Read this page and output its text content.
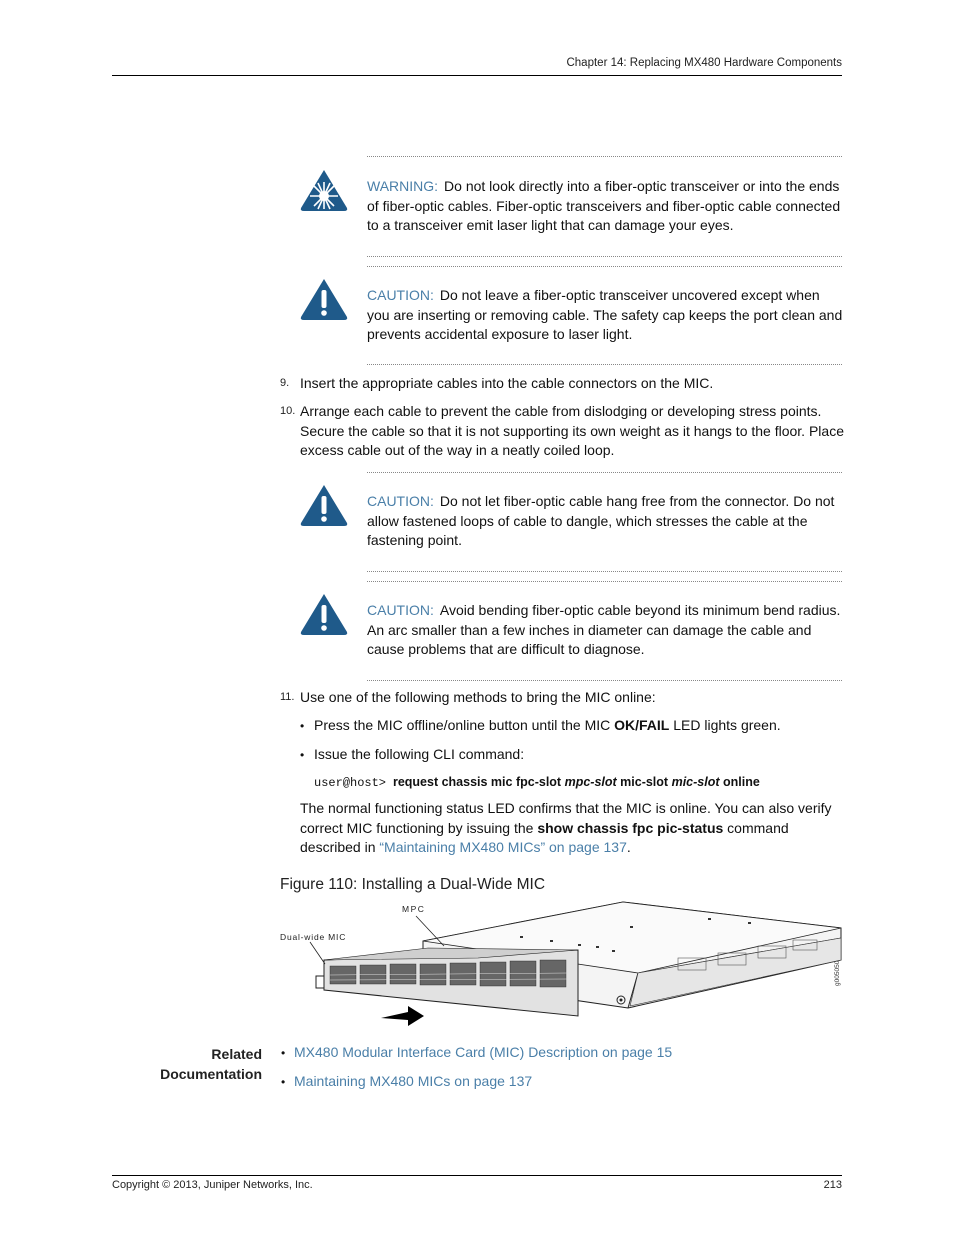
Chapter 14: Replacing MX480 Hardware Components
WARNING: Do not look directly into a fiber-optic transceiver or into the ends of fiber-optic cables. Fiber-optic transceivers and fiber-optic cable connected to a transceiver emit laser light that can damage your eyes.
CAUTION: Do not leave a fiber-optic transceiver uncovered except when you are inserting or removing cable. The safety cap keeps the port clean and prevents accidental exposure to laser light.
9. Insert the appropriate cables into the cable connectors on the MIC.
10. Arrange each cable to prevent the cable from dislodging or developing stress points. Secure the cable so that it is not supporting its own weight as it hangs to the floor. Place excess cable out of the way in a neatly coiled loop.
CAUTION: Do not let fiber-optic cable hang free from the connector. Do not allow fastened loops of cable to dangle, which stresses the cable at the fastening point.
CAUTION: Avoid bending fiber-optic cable beyond its minimum bend radius. An arc smaller than a few inches in diameter can damage the cable and cause problems that are difficult to diagnose.
11. Use one of the following methods to bring the MIC online:
• Press the MIC offline/online button until the MIC OK/FAIL LED lights green.
• Issue the following CLI command:
user@host> request chassis mic fpc-slot mpc-slot mic-slot mic-slot online
The normal functioning status LED confirms that the MIC is online. You can also verify correct MIC functioning by issuing the show chassis fpc pic-status command described in “Maintaining MX480 MICs” on page 137.
Figure 110: Installing a Dual-Wide MIC
MPC
Dual-wide MIC
g005050
Related
Documentation
• MX480 Modular Interface Card (MIC) Description on page 15
• Maintaining MX480 MICs on page 137
Copyright © 2013, Juniper Networks, Inc.	213
